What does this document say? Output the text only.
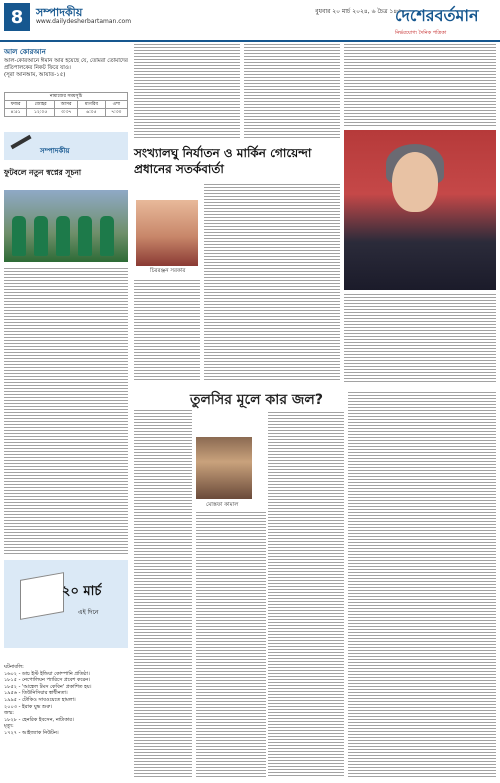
8	সম্পাদকীয়
www.dailydesherbartaman.com
বুধবার ২০ মার্চ ২০২৪, ৬ চৈত্র ১৪৩০
দেশেরবর্তমান
নির্ভরযোগ্য দৈনিক পত্রিকা
আল কোরআন
আল-কোরআনে ঈমান আর হয়েছে যে, তোমরা তোমাদের প্রতিপালকের নিকট ফিরে যাও।
(সূরা আনআম, আয়াত-১৫)
নামাজের সময়সূচি				
ফজর	জোহর	আসর	মাগরিব	এশা
৪:৫১	১২:০৫	৩:৩৭	৬:০৫	৭:৩০
সম্পাদকীয়
ফুটবলে নতুন স্বপ্নের সূচনা
২০ মার্চ
এই দিনে
ঘটনাবলি:
১৬০২ - ডাচ ইস্ট ইন্ডিয়া কোম্পানি প্রতিষ্ঠা।
১৮১৫ - নেপোলিয়ন প্যারিসে প্রবেশ করেন।
১৮৫২ - 'আঙ্কেল টমস কেবিন' প্রকাশিত হয়।
১৯৫৬ - তিউনিসিয়ার স্বাধীনতা।
১৯৯৫ - টোকিও সাবওয়েতে হামলা।
২০০৩ - ইরাক যুদ্ধ শুরু।
জন্ম:
১৮২৮ - হেনরিক ইবসেন, নাট্যকার।
মৃত্যু:
১৭২৭ - আইজ্যাক নিউটন।
সংখ্যালঘু নির্যাতন ও মার্কিন গোয়েন্দা প্রধানের সতর্কবার্তা
চিররঞ্জন সরকার
তুলসির মূলে কার জল?
মোস্তফা কামাল
